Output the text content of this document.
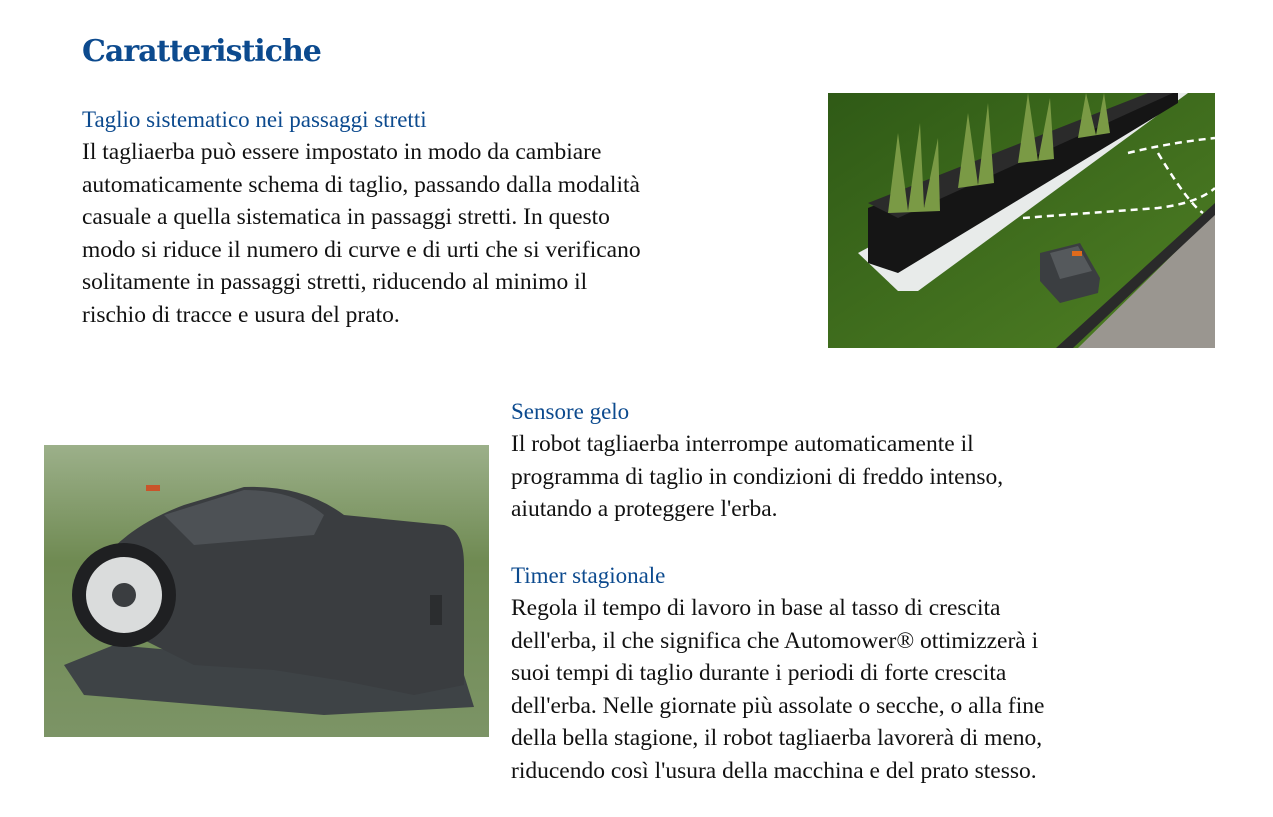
Caratteristiche
Taglio sistematico nei passaggi stretti

Il tagliaerba può essere impostato in modo da cambiare
automaticamente schema di taglio, passando dalla modalità
casuale a quella sistematica in passaggi stretti. In questo
modo si riduce il numero di curve e di urti che si verificano
solitamente in passaggi stretti, riducendo al minimo il
rischio di tracce e usura del prato.

Sensore gelo

Il robot tagliaerba interrompe automaticamente il
programma di taglio in condizioni di freddo intenso,
aiutando a proteggere l'erba.

Timer stagionale

Regola il tempo di lavoro in base al tasso di crescita
dell'erba, il che significa che Automower® ottimizzerà i
suoi tempi di taglio durante i periodi di forte crescita
dell'erba. Nelle giornate più assolate o secche, o alla fine
della bella stagione, il robot tagliaerba lavorerà di meno,
riducendo così l'usura della macchina e del prato stesso.
